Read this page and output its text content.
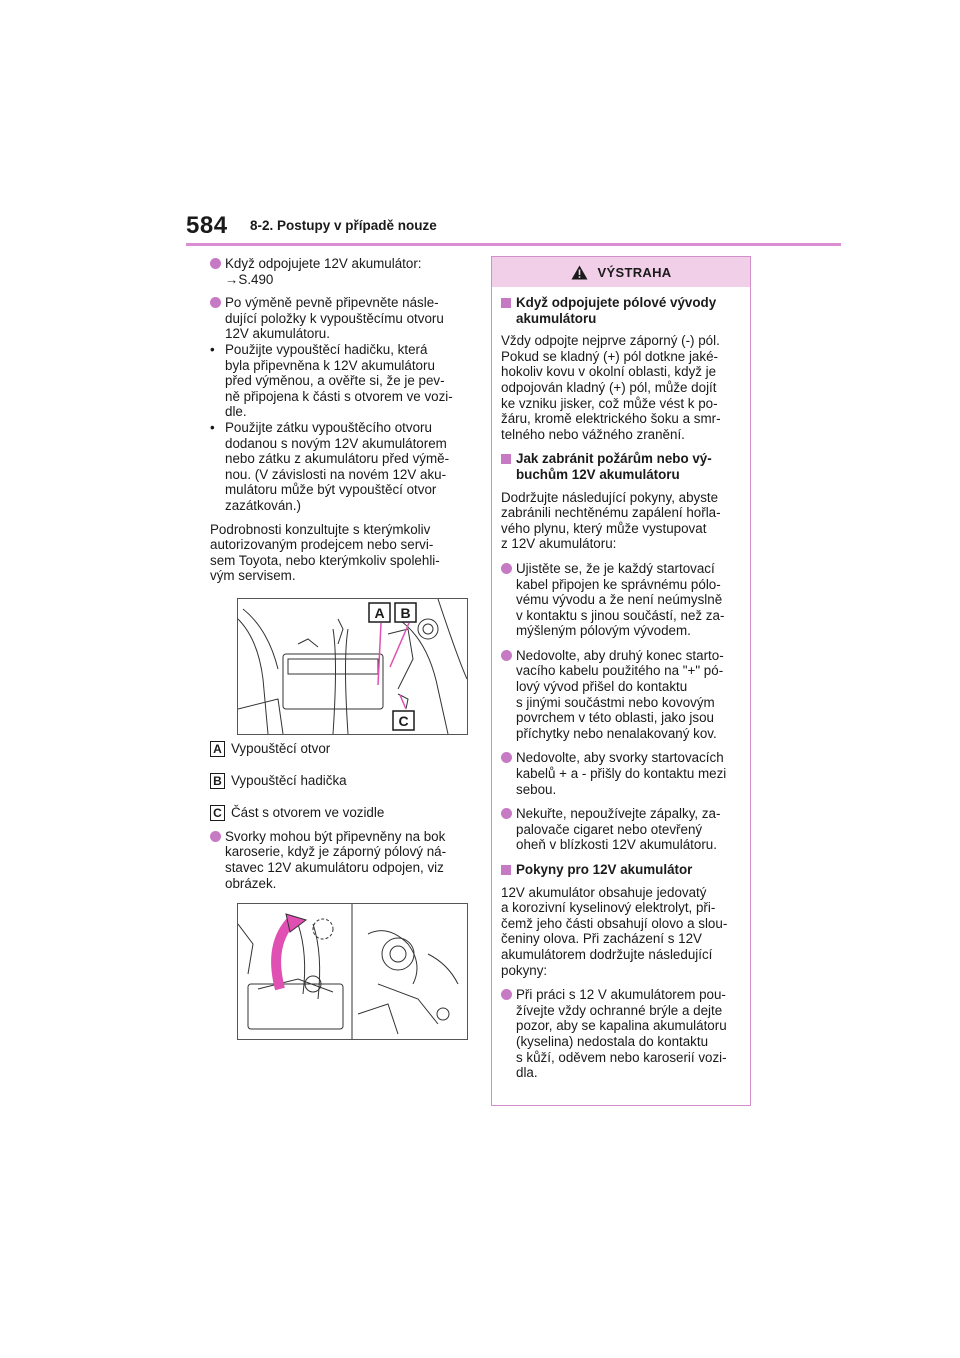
584 8-2. Postupy v případě nouze
Když odpojujete 12V akumulátor:
→S.490
Po výměně pevně připevněte násle-
dující položky k vypouštěcímu otvoru
12V akumulátoru.
• Použijte vypouštěcí hadičku, která
byla připevněna k 12V akumulátoru
před výměnou, a ověřte si, že je pev-
ně připojena k části s otvorem ve vozi-
dle.
• Použijte zátku vypouštěcího otvoru
dodanou s novým 12V akumulátorem
nebo zátku z akumulátoru před výmě-
nou. (V závislosti na novém 12V aku-
mulátoru může být vypouštěcí otvor
zazátkován.)
Podrobnosti konzultujte s kterýmkoliv
autorizovaným prodejcem nebo servi-
sem Toyota, nebo kterýmkoliv spolehli-
vým servisem.
A B
C
A Vypouštěcí otvor
B Vypouštěcí hadička
C Část s otvorem ve vozidle
Svorky mohou být připevněny na bok
karoserie, když je záporný pólový ná-
stavec 12V akumulátoru odpojen, viz
obrázek.
VÝSTRAHA
Když odpojujete pólové vývody
akumulátoru
Vždy odpojte nejprve záporný (-) pól.
Pokud se kladný (+) pól dotkne jaké-
hokoliv kovu v okolní oblasti, když je
odpojován kladný (+) pól, může dojít
ke vzniku jisker, což může vést k po-
žáru, kromě elektrického šoku a smr-
telného nebo vážného zranění.
Jak zabránit požárům nebo vý-
buchům 12V akumulátoru
Dodržujte následující pokyny, abyste
zabránili nechtěnému zapálení hořla-
vého plynu, který může vystupovat
z 12V akumulátoru:
Ujistěte se, že je každý startovací
kabel připojen ke správnému pólo-
vému vývodu a že není neúmyslně
v kontaktu s jinou součástí, než za-
mýšleným pólovým vývodem.
Nedovolte, aby druhý konec starto-
vacího kabelu použitého na "+" pó-
lový vývod přišel do kontaktu
s jinými součástmi nebo kovovým
povrchem v této oblasti, jako jsou
příchytky nebo nenalakovaný kov.
Nedovolte, aby svorky startovacích
kabelů + a - přišly do kontaktu mezi
sebou.
Nekuřte, nepoužívejte zápalky, za-
palovače cigaret nebo otevřený
oheň v blízkosti 12V akumulátoru.
Pokyny pro 12V akumulátor
12V akumulátor obsahuje jedovatý
a korozivní kyselinový elektrolyt, při-
čemž jeho části obsahují olovo a slou-
čeniny olova. Při zacházení s 12V
akumulátorem dodržujte následující
pokyny:
Při práci s 12 V akumulátorem pou-
žívejte vždy ochranné brýle a dejte
pozor, aby se kapalina akumulátoru
(kyselina) nedostala do kontaktu
s kůží, oděvem nebo karoserií vozi-
dla.
